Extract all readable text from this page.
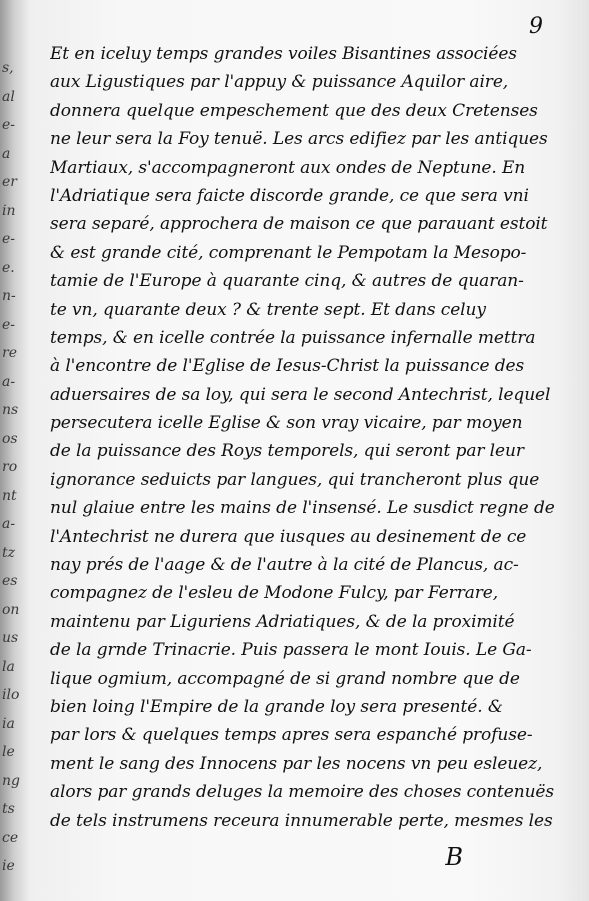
s,
al
e-
a
er
in
e-
e.
n-
e-
re
a-
ns
os
ro
nt
a-
tz
es
on
us
la
ilo
ia
le
ng
ts
ce
ie
9
Et en iceluy temps grandes voiles Bisantines associées
aux Ligustiques par l'appuy & puissance Aquilor aire,
donnera quelque empeschement que des deux Cretenses
ne leur sera la Foy tenuë. Les arcs edifiez par les antiques
Martiaux, s'accompagneront aux ondes de Neptune. En
l'Adriatique sera faicte discorde grande, ce que sera vni
sera separé, approchera de maison ce que parauant estoit
& est grande cité, comprenant le Pempotam la Mesopo-
tamie de l'Europe à quarante cinq, & autres de quaran-
te vn, quarante deux ? & trente sept. Et dans celuy
temps, & en icelle contrée la puissance infernalle mettra
à l'encontre de l'Eglise de Iesus-Christ la puissance des
aduersaires de sa loy, qui sera le second Antechrist, lequel
persecutera icelle Eglise & son vray vicaire, par moyen
de la puissance des Roys temporels, qui seront par leur
ignorance seduicts par langues, qui trancheront plus que
nul glaiue entre les mains de l'insensé. Le susdict regne de
l'Antechrist ne durera que iusques au desinement de ce
nay prés de l'aage & de l'autre à la cité de Plancus, ac-
compagnez de l'esleu de Modone Fulcy, par Ferrare,
maintenu par Liguriens Adriatiques, & de la proximité
de la grnde Trinacrie. Puis passera le mont Iouis. Le Ga-
lique ogmium, accompagné de si grand nombre que de
bien loing l'Empire de la grande loy sera presenté. &
par lors & quelques temps apres sera espanché profuse-
ment le sang des Innocens par les nocens vn peu esleuez,
alors par grands deluges la memoire des choses contenuës
de tels instrumens receura innumerable perte, mesmes les
B
